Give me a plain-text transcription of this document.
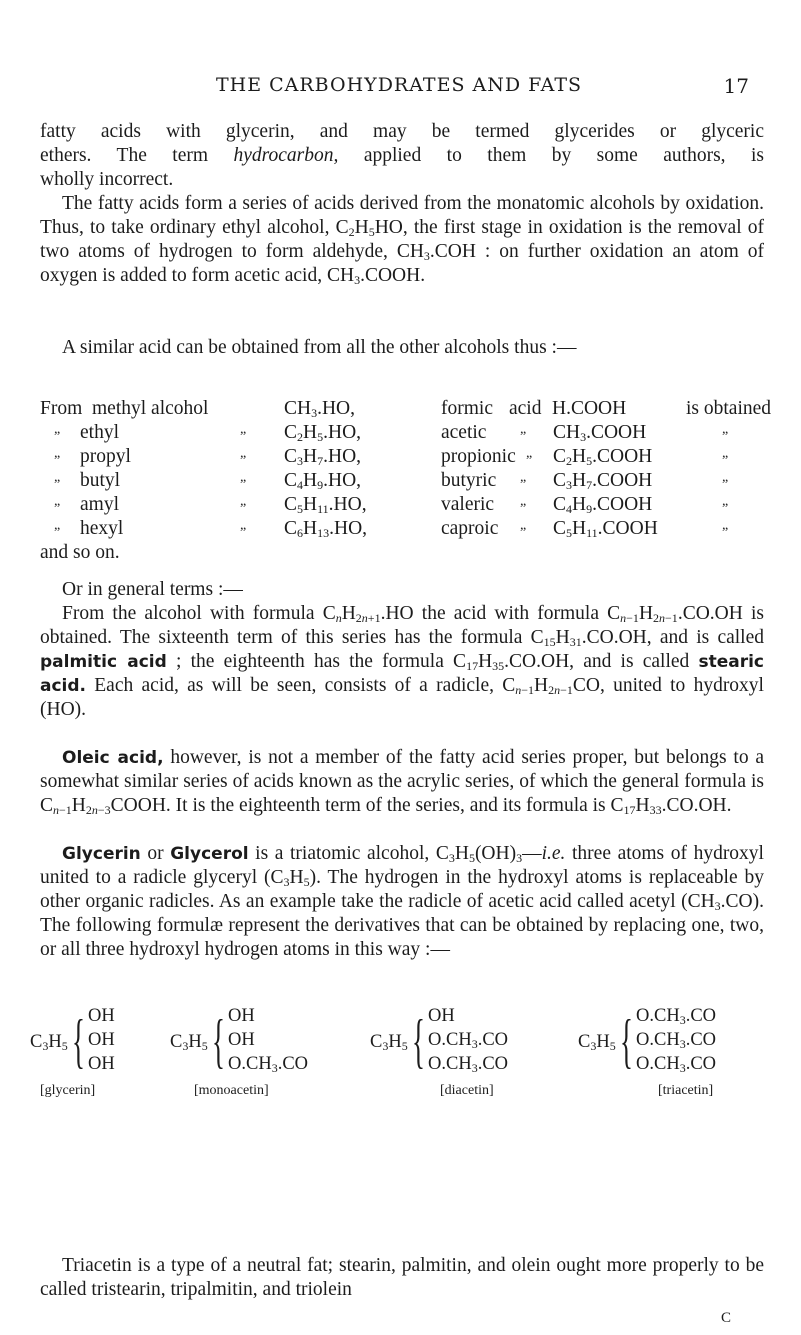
THE CARBOHYDRATES AND FATS	17

fatty acids with glycerin, and may be termed glycerides or glyceric

ethers. The term hydrocarbon, applied to them by some authors, is

wholly incorrect.

The fatty acids form a series of acids derived from the monatomic alcohols by oxidation. Thus, to take ordinary ethyl alcohol, $C_2H_5HO$, the first stage in oxidation is the removal of two atoms of hydrogen to form aldehyde, $CH_3.COH$ : on further oxidation an atom of oxygen is added to form acetic acid, $CH_3.COOH$.

A similar acid can be obtained from all the other alcohols thus :—

From methyl alcohol	$CH_3.HO$,	formic acid H.COOH	is obtained
„ ethyl	„ $C_2H_5.HO$,	acetic „ $CH_3.COOH$	„
„ propyl	„ $C_3H_7.HO$,	propionic „ $C_2H_5.COOH$	„
„ butyl	„ $C_4H_9.HO$,	butyric „ $C_3H_7.COOH$	„
„ amyl	„ $C_5H_{11}.HO$,	valeric „ $C_4H_9.COOH$	„
„ hexyl	„ $C_6H_{13}.HO$,	caproic „ $C_5H_{11}.COOH$	„
and so on.

Or in general terms :—

From the alcohol with formula $C_nH_{2n+1}.HO$ the acid with formula $C_{n-1}H_{2n-1}.CO.OH$ is obtained. The sixteenth term of this series has the formula $C_{15}H_{31}.CO.OH$, and is called palmitic acid ; the eighteenth has the formula $C_{17}H_{35}.CO.OH$, and is called stearic acid. Each acid, as will be seen, consists of a radicle, $C_{n-1}H_{2n-1}CO$, united to hydroxyl (HO).

Oleic acid, however, is not a member of the fatty acid series proper, but belongs to a somewhat similar series of acids known as the acrylic series, of which the general formula is $C_{n-1}H_{2n-3}COOH$. It is the eighteenth term of the series, and its formula is $C_{17}H_{33}.CO.OH$.

Glycerin or Glycerol is a triatomic alcohol, $C_3H_5(OH)_3—i.e$. three atoms of hydroxyl united to a radicle glyceryl $(C_3H_5)$. The hydrogen in the hydroxyl atoms is replaceable by other organic radicles. As an example take the radicle of acetic acid called acetyl $(CH_3.CO)$. The following formulæ represent the derivatives that can be obtained by replacing one, two, or all three hydroxyl hydrogen atoms in this way :—

$C_3H_5$ { OH
OH
OH
[glycerin]
$C_3H_5$ { OH
OH
$O.CH_3.CO$
[monoacetin]
$C_3H_5$ { OH
$O.CH_3.CO$
$O.CH_3.CO$
[diacetin]
$C_3H_5$ { $O.CH_3.CO$
$O.CH_3.CO$
$O.CH_3.CO$
[triacetin]

Triacetin is a type of a neutral fat; stearin, palmitin, and olein ought more properly to be called tristearin, tripalmitin, and triolein

C
